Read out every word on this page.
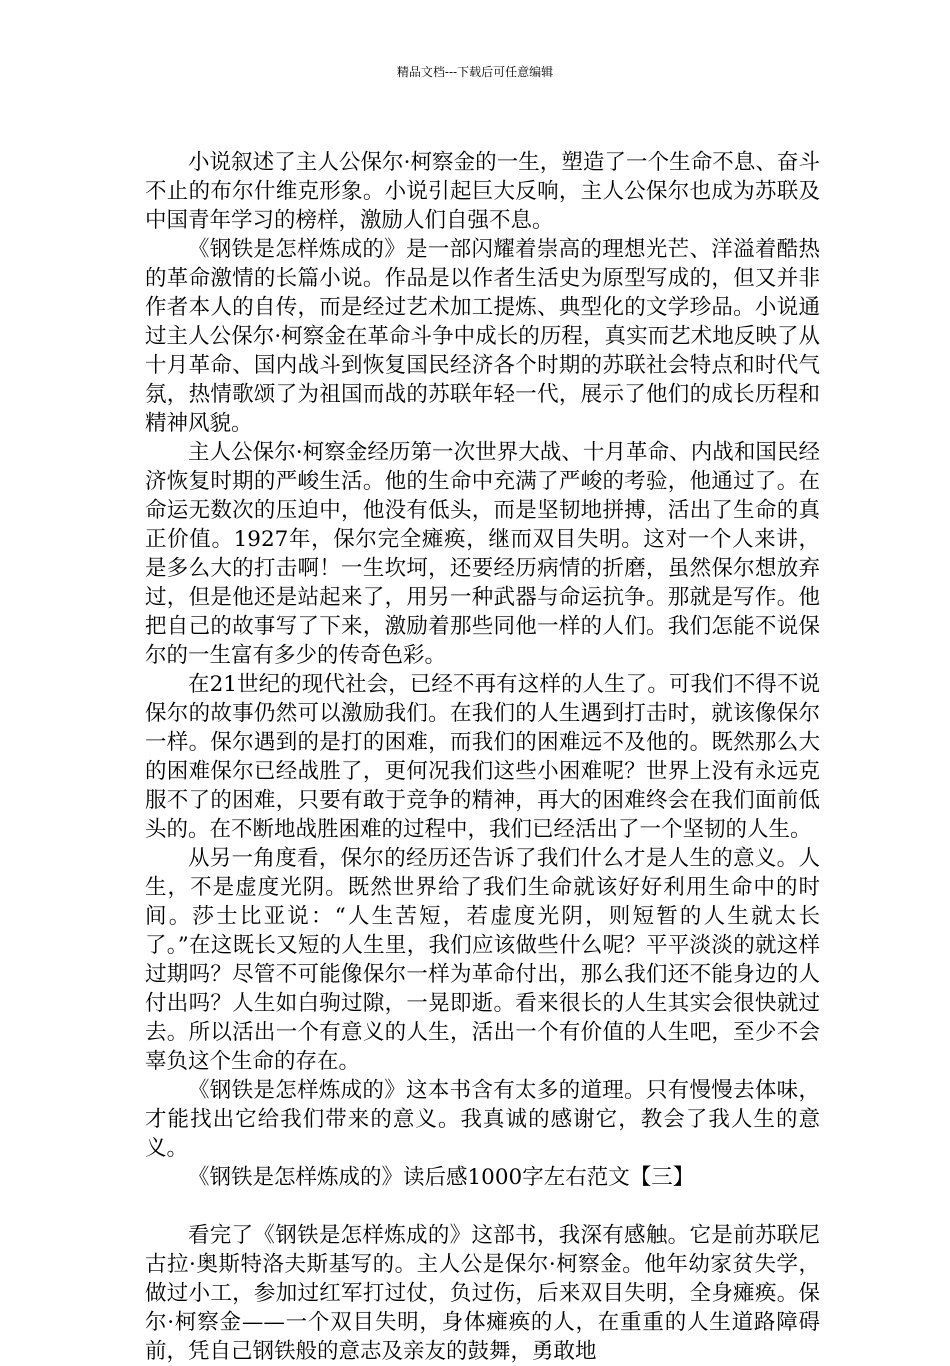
精品文档---下载后可任意编辑

小说叙述了主人公保尔·柯察金的一生，塑造了一个生命不息、奋斗不止的布尔什维克形象。小说引起巨大反响，主人公保尔也成为苏联及中国青年学习的榜样，激励人们自强不息。

《钢铁是怎样炼成的》是一部闪耀着崇高的理想光芒、洋溢着酷热的革命激情的长篇小说。作品是以作者生活史为原型写成的，但又并非作者本人的自传，而是经过艺术加工提炼、典型化的文学珍品。小说通过主人公保尔·柯察金在革命斗争中成长的历程，真实而艺术地反映了从十月革命、国内战斗到恢复国民经济各个时期的苏联社会特点和时代气氛，热情歌颂了为祖国而战的苏联年轻一代，展示了他们的成长历程和精神风貌。

主人公保尔·柯察金经历第一次世界大战、十月革命、内战和国民经济恢复时期的严峻生活。他的生命中充满了严峻的考验，他通过了。在命运无数次的压迫中，他没有低头，而是坚韧地拼搏，活出了生命的真正价值。1927年，保尔完全瘫痪，继而双目失明。这对一个人来讲，是多么大的打击啊！一生坎坷，还要经历病情的折磨，虽然保尔想放弃过，但是他还是站起来了，用另一种武器与命运抗争。那就是写作。他把自己的故事写了下来，激励着那些同他一样的人们。我们怎能不说保尔的一生富有多少的传奇色彩。

在21世纪的现代社会，已经不再有这样的人生了。可我们不得不说保尔的故事仍然可以激励我们。在我们的人生遇到打击时，就该像保尔一样。保尔遇到的是打的困难，而我们的困难远不及他的。既然那么大的困难保尔已经战胜了，更何况我们这些小困难呢？世界上没有永远克服不了的困难，只要有敢于竞争的精神，再大的困难终会在我们面前低头的。在不断地战胜困难的过程中，我们已经活出了一个坚韧的人生。

从另一角度看，保尔的经历还告诉了我们什么才是人生的意义。人生，不是虚度光阴。既然世界给了我们生命就该好好利用生命中的时间。莎士比亚说：“人生苦短，若虚度光阴，则短暂的人生就太长了。”在这既长又短的人生里，我们应该做些什么呢？平平淡淡的就这样过期吗？尽管不可能像保尔一样为革命付出，那么我们还不能身边的人付出吗？人生如白驹过隙，一晃即逝。看来很长的人生其实会很快就过去。所以活出一个有意义的人生，活出一个有价值的人生吧，至少不会辜负这个生命的存在。

《钢铁是怎样炼成的》这本书含有太多的道理。只有慢慢去体味，才能找出它给我们带来的意义。我真诚的感谢它，教会了我人生的意义。

《钢铁是怎样炼成的》读后感1000字左右范文【三】

看完了《钢铁是怎样炼成的》这部书，我深有感触。它是前苏联尼古拉·奥斯特洛夫斯基写的。主人公是保尔·柯察金。他年幼家贫失学，做过小工，参加过红军打过仗，负过伤，后来双目失明，全身瘫痪。保尔·柯察金——一个双目失明，身体瘫痪的人，在重重的人生道路障碍前，凭自己钢铁般的意志及亲友的鼓舞，勇敢地
